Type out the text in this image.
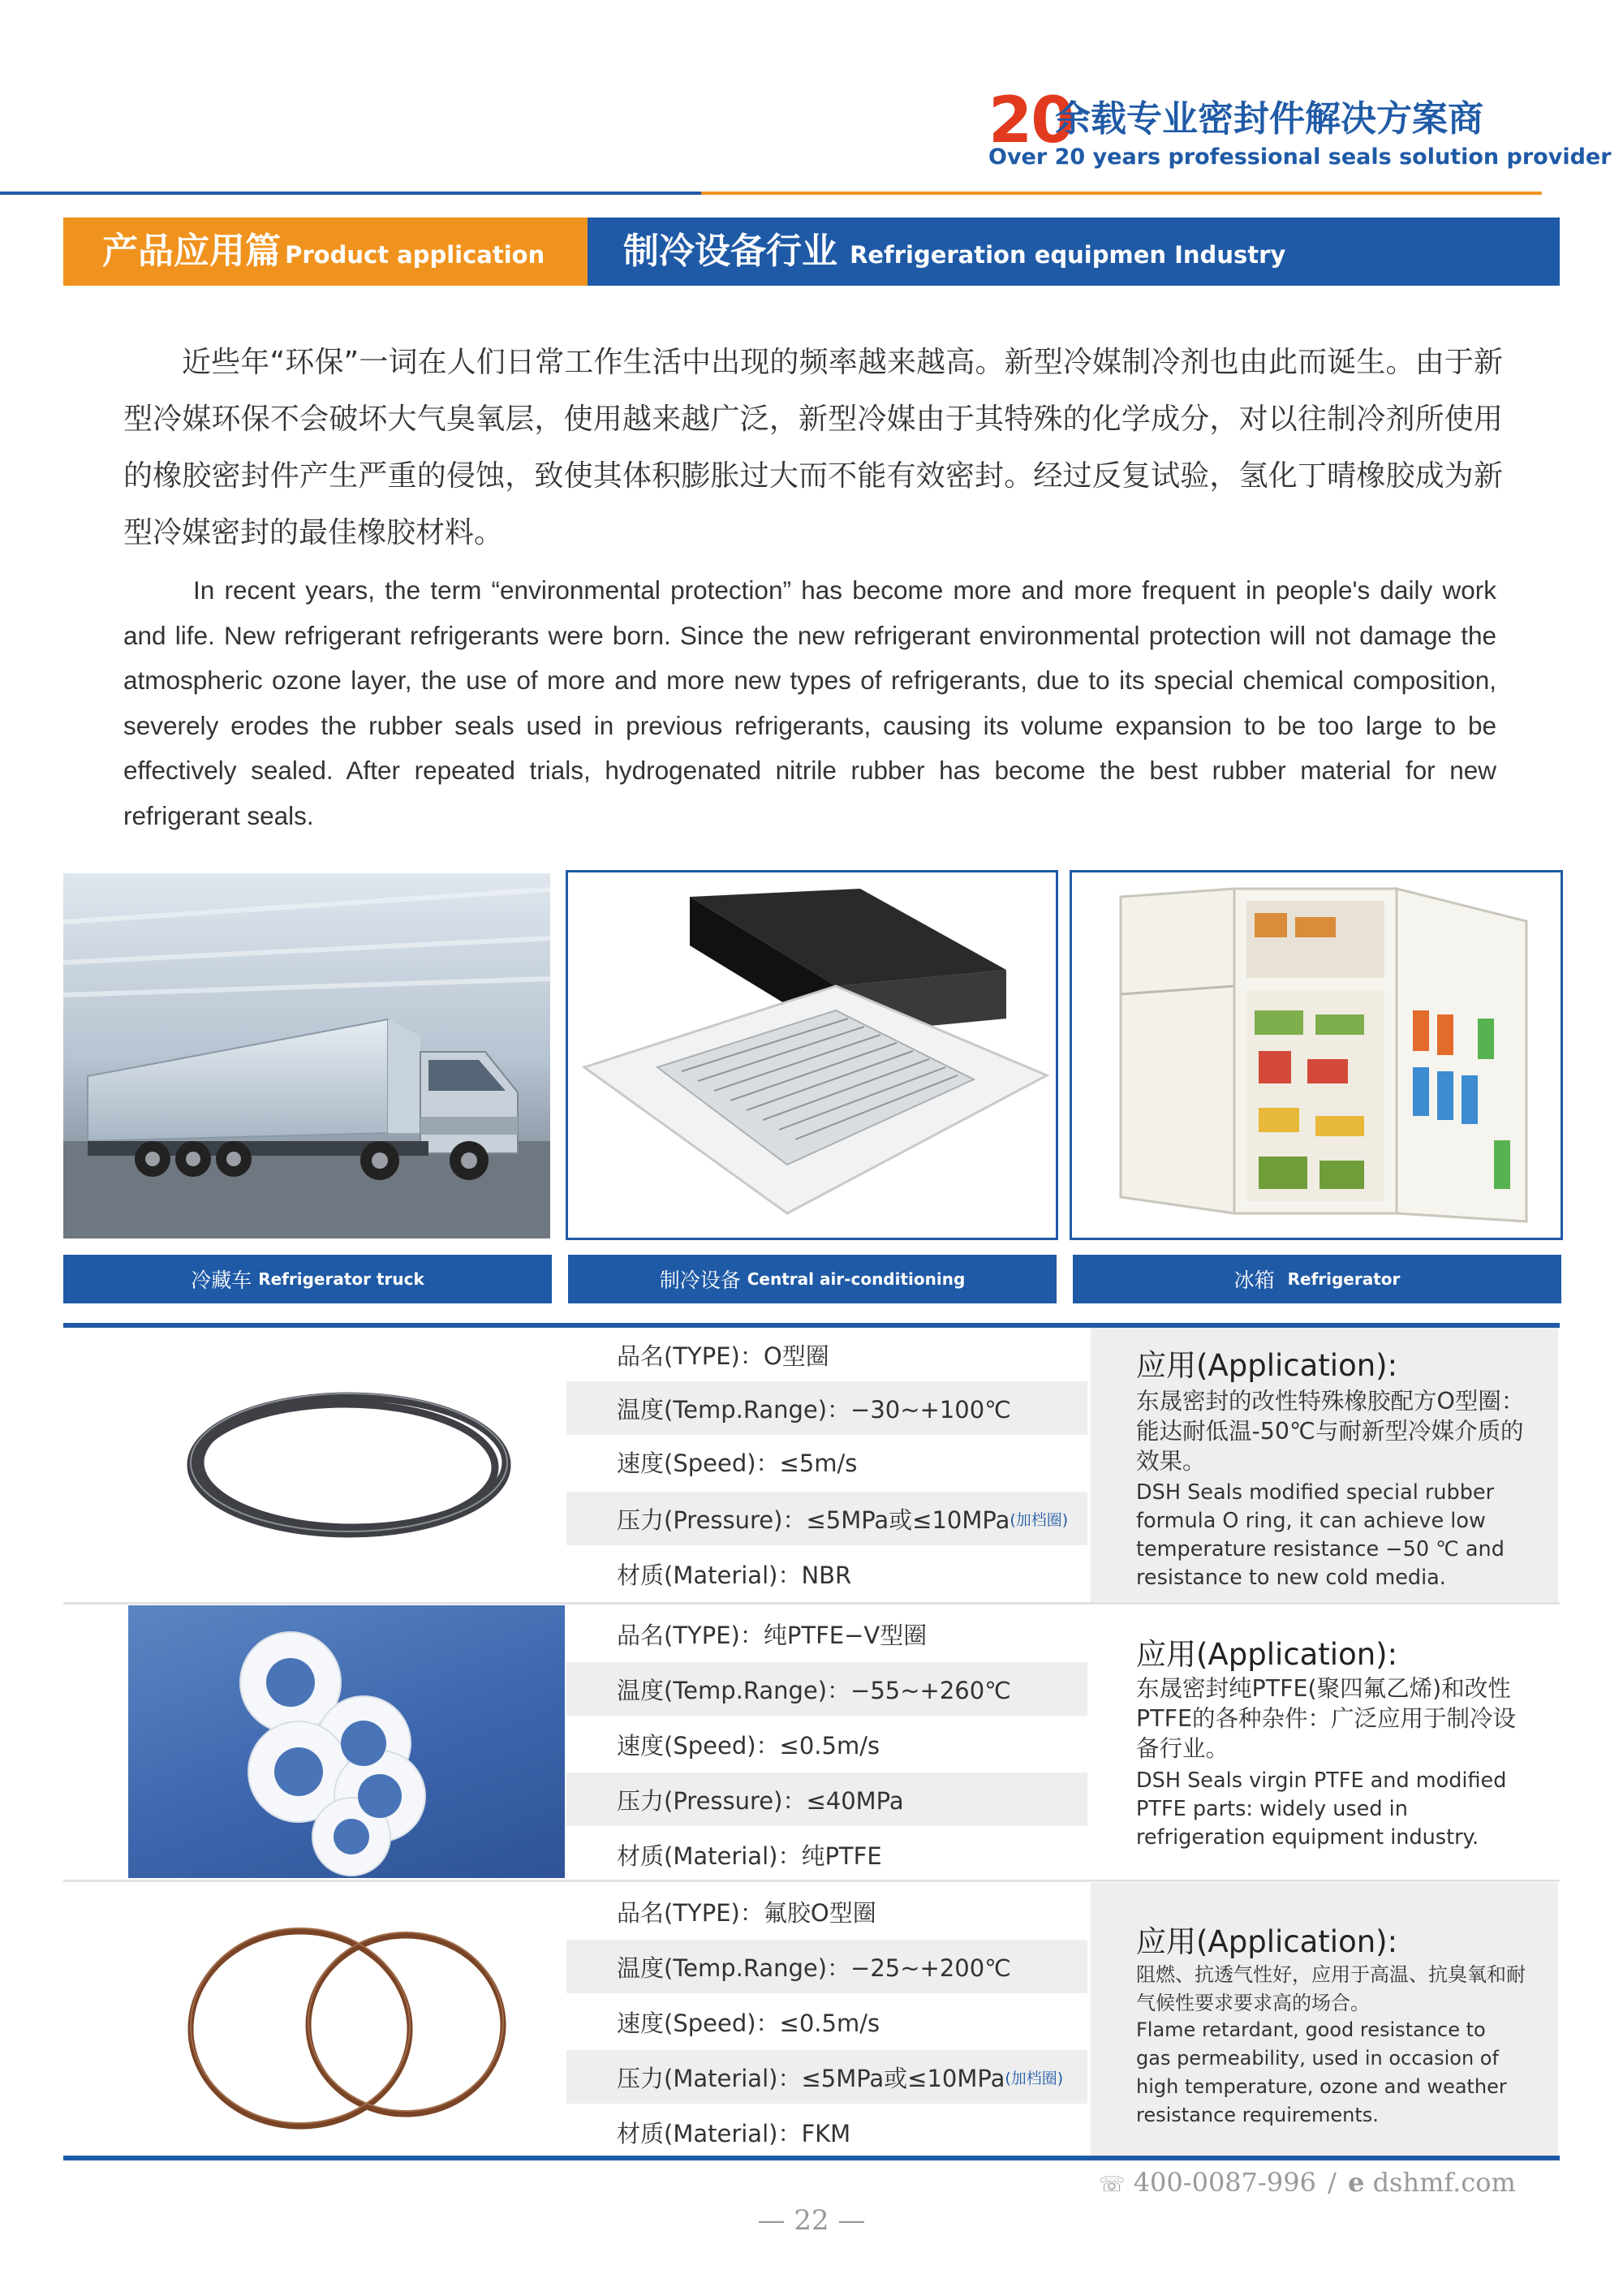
20
余载专业密封件解决方案商
Over 20 years professional seals solution provider
产品应用篇 Product application 制冷设备行业 Refrigeration equipmen Industry
近些年“环保”一词在人们日常工作生活中出现的频率越来越高。新型冷媒制冷剂也由此而诞生。由于新型冷媒环保不会破坏大气臭氧层，使用越来越广泛，新型冷媒由于其特殊的化学成分，对以往制冷剂所使用的橡胶密封件产生严重的侵蚀，致使其体积膨胀过大而不能有效密封。经过反复试验，氢化丁晴橡胶成为新型冷媒密封的最佳橡胶材料。
In recent years, the term “environmental protection” has become more and more frequent in people's daily work and life. New refrigerant refrigerants were born. Since the new refrigerant environmental protection will not damage the atmospheric ozone layer, the use of more and more new types of refrigerants, due to its special chemical composition, severely erodes the rubber seals used in previous refrigerants, causing its volume expansion to be too large to be effectively sealed. After repeated trials, hydrogenated nitrile rubber has become the best rubber material for new refrigerant seals.
冷藏车 Refrigerator truck	制冷设备 Central air-conditioning	冰箱 Refrigerator
品名(TYPE)：O型圈
温度(Temp.Range)：−30~+100℃
速度(Speed)：≤5m/s
压力(Pressure)：≤5MPa或≤10MPa (加档圈)
材质(Material)：NBR
应用(Application):
东晟密封的改性特殊橡胶配方O型圈：能达耐低温-50℃与耐新型冷媒介质的效果。
DSH Seals modified special rubber formula O ring, it can achieve low temperature resistance −50 ℃ and resistance to new cold media.
品名(TYPE)：纯PTFE−V型圈
温度(Temp.Range)：−55~+260℃
速度(Speed)：≤0.5m/s
压力(Pressure)：≤40MPa
材质(Material)：纯PTFE
应用(Application):
东晟密封纯PTFE(聚四氟乙烯)和改性PTFE的各种杂件：广泛应用于制冷设备行业。
DSH Seals virgin PTFE and modified PTFE parts: widely used in refrigeration equipment industry.
品名(TYPE)：氟胶O型圈
温度(Temp.Range)：−25~+200℃
速度(Speed)：≤0.5m/s
压力(Material)：≤5MPa或≤10MPa (加档圈)
材质(Material)：FKM
应用(Application):
阻燃、抗透气性好，应用于高温、抗臭氧和耐气候性要求要求高的场合。
Flame retardant, good resistance to gas permeability, used in occasion of high temperature, ozone and weather resistance requirements.
☏ 400-0087-996 / e dshmf.com
— 22 —
